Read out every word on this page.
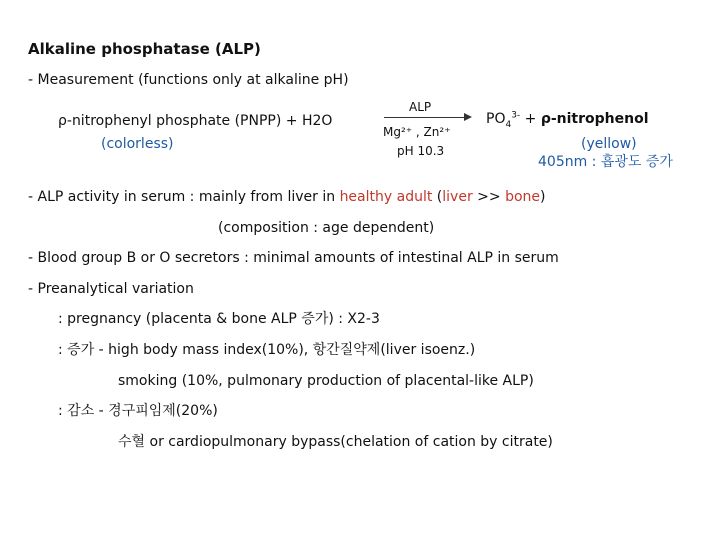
Alkaline phosphatase (ALP)
- Measurement (functions only at alkaline pH)
ρ-nitrophenyl phosphate (PNPP) + H2O
(colorless)
ALP
Mg²⁺ , Zn²⁺
pH 10.3
$PO_4^{3-}$ + ρ-nitrophenol
(yellow)
405nm : 흡광도 증가
- ALP activity in serum : mainly from liver in healthy adult (liver >> bone)
(composition : age dependent)
- Blood group B or O secretors : minimal amounts of intestinal ALP in serum
- Preanalytical variation
: pregnancy (placenta & bone ALP 증가) : X2-3
: 증가 - high body mass index(10%), 항간질약제(liver isoenz.)
smoking (10%, pulmonary production of placental-like ALP)
: 감소 - 경구피임제(20%)
수혈 or cardiopulmonary bypass(chelation of cation by citrate)
